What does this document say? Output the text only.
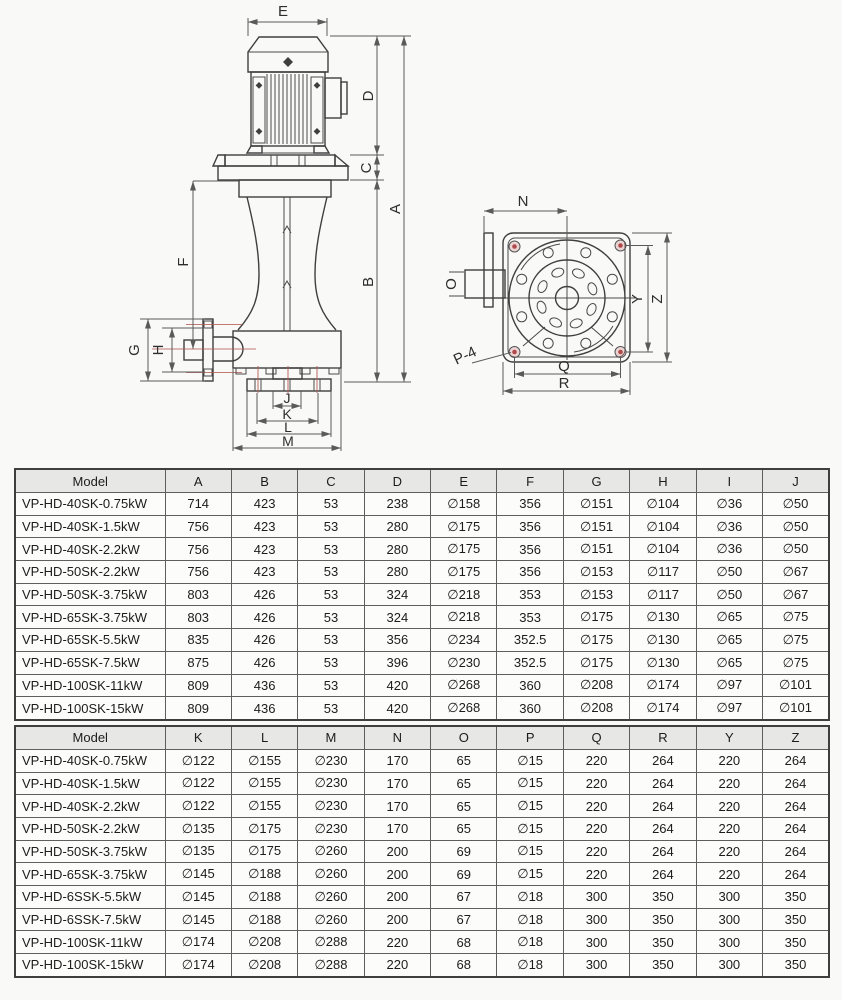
E
D
C
B
A
F
G H
J
K
L
M
N
O
Q
R
Y Z
P-4
Model	A	B	C	D	E	F	G	H	I	J
VP-HD-40SK-0.75kW	714	423	53	238	∅158	356	∅151	∅104	∅36	∅50
VP-HD-40SK-1.5kW	756	423	53	280	∅175	356	∅151	∅104	∅36	∅50
VP-HD-40SK-2.2kW	756	423	53	280	∅175	356	∅151	∅104	∅36	∅50
VP-HD-50SK-2.2kW	756	423	53	280	∅175	356	∅153	∅117	∅50	∅67
VP-HD-50SK-3.75kW	803	426	53	324	∅218	353	∅153	∅117	∅50	∅67
VP-HD-65SK-3.75kW	803	426	53	324	∅218	353	∅175	∅130	∅65	∅75
VP-HD-65SK-5.5kW	835	426	53	356	∅234	352.5	∅175	∅130	∅65	∅75
VP-HD-65SK-7.5kW	875	426	53	396	∅230	352.5	∅175	∅130	∅65	∅75
VP-HD-100SK-11kW	809	436	53	420	∅268	360	∅208	∅174	∅97	∅101
VP-HD-100SK-15kW	809	436	53	420	∅268	360	∅208	∅174	∅97	∅101
Model	K	L	M	N	O	P	Q	R	Y	Z
VP-HD-40SK-0.75kW	∅122	∅155	∅230	170	65	∅15	220	264	220	264
VP-HD-40SK-1.5kW	∅122	∅155	∅230	170	65	∅15	220	264	220	264
VP-HD-40SK-2.2kW	∅122	∅155	∅230	170	65	∅15	220	264	220	264
VP-HD-50SK-2.2kW	∅135	∅175	∅230	170	65	∅15	220	264	220	264
VP-HD-50SK-3.75kW	∅135	∅175	∅260	200	69	∅15	220	264	220	264
VP-HD-65SK-3.75kW	∅145	∅188	∅260	200	69	∅15	220	264	220	264
VP-HD-6SSK-5.5kW	∅145	∅188	∅260	200	67	∅18	300	350	300	350
VP-HD-6SSK-7.5kW	∅145	∅188	∅260	200	67	∅18	300	350	300	350
VP-HD-100SK-11kW	∅174	∅208	∅288	220	68	∅18	300	350	300	350
VP-HD-100SK-15kW	∅174	∅208	∅288	220	68	∅18	300	350	300	350
